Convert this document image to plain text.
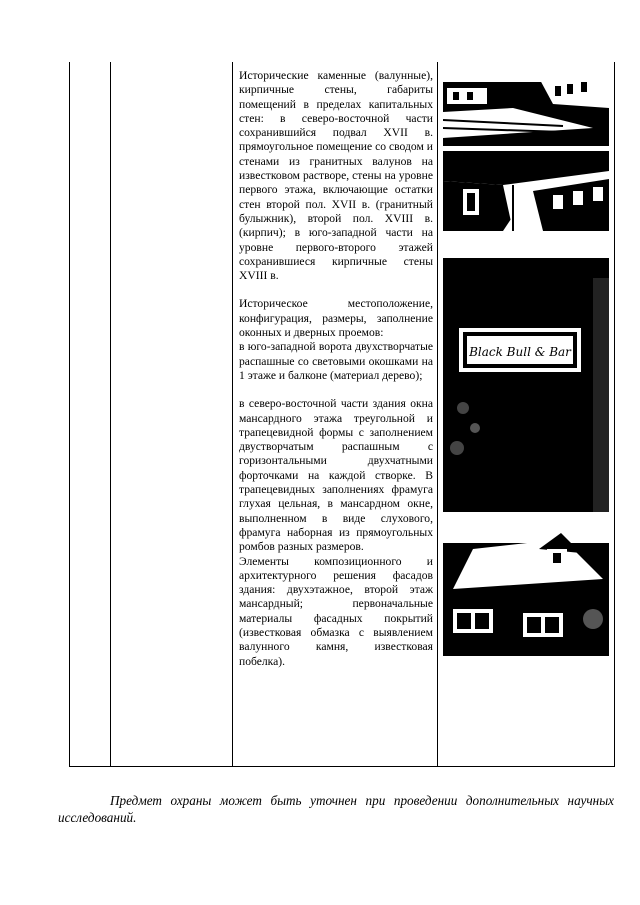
Исторические каменные (валунные), кирпичные стены, габариты помещений в пределах капитальных стен: в северо-восточной части сохранившийся подвал XVII в. прямоугольное помещение со сводом и стенами из гранитных валунов на известковом растворе, стены на уровне первого этажа, включающие остатки стен второй пол. XVII в. (гранитный булыжник), второй пол. XVIII в. (кирпич); в юго-западной части на уровне первого-второго этажей сохранившиеся кирпичные стены XVIII в.

Историческое местоположение, конфигурация, размеры, заполнение оконных и дверных проемов:

в юго-западной ворота двухстворчатые распашные со световыми окошками на 1 этаже и балконе (материал дерево);

в северо-восточной части здания окна мансардного этажа треугольной и трапецевидной формы с заполнением двустворчатым распашным с горизонтальными двухчатными форточками на каждой створке. В трапецевидных заполнениях фрамуга глухая цельная, в мансардном окне, выполненном в виде слухового, фрамуга наборная из прямоугольных ромбов разных размеров.

Элементы композиционного и архитектурного решения фасадов здания: двухэтажное, второй этаж мансардный; первоначальные материалы фасадных покрытий (известковая обмазка с выявлением валунного камня, известковая побелка).

Black Bull & Bar

Предмет охраны может быть уточнен при проведении дополнительных научных исследований.
